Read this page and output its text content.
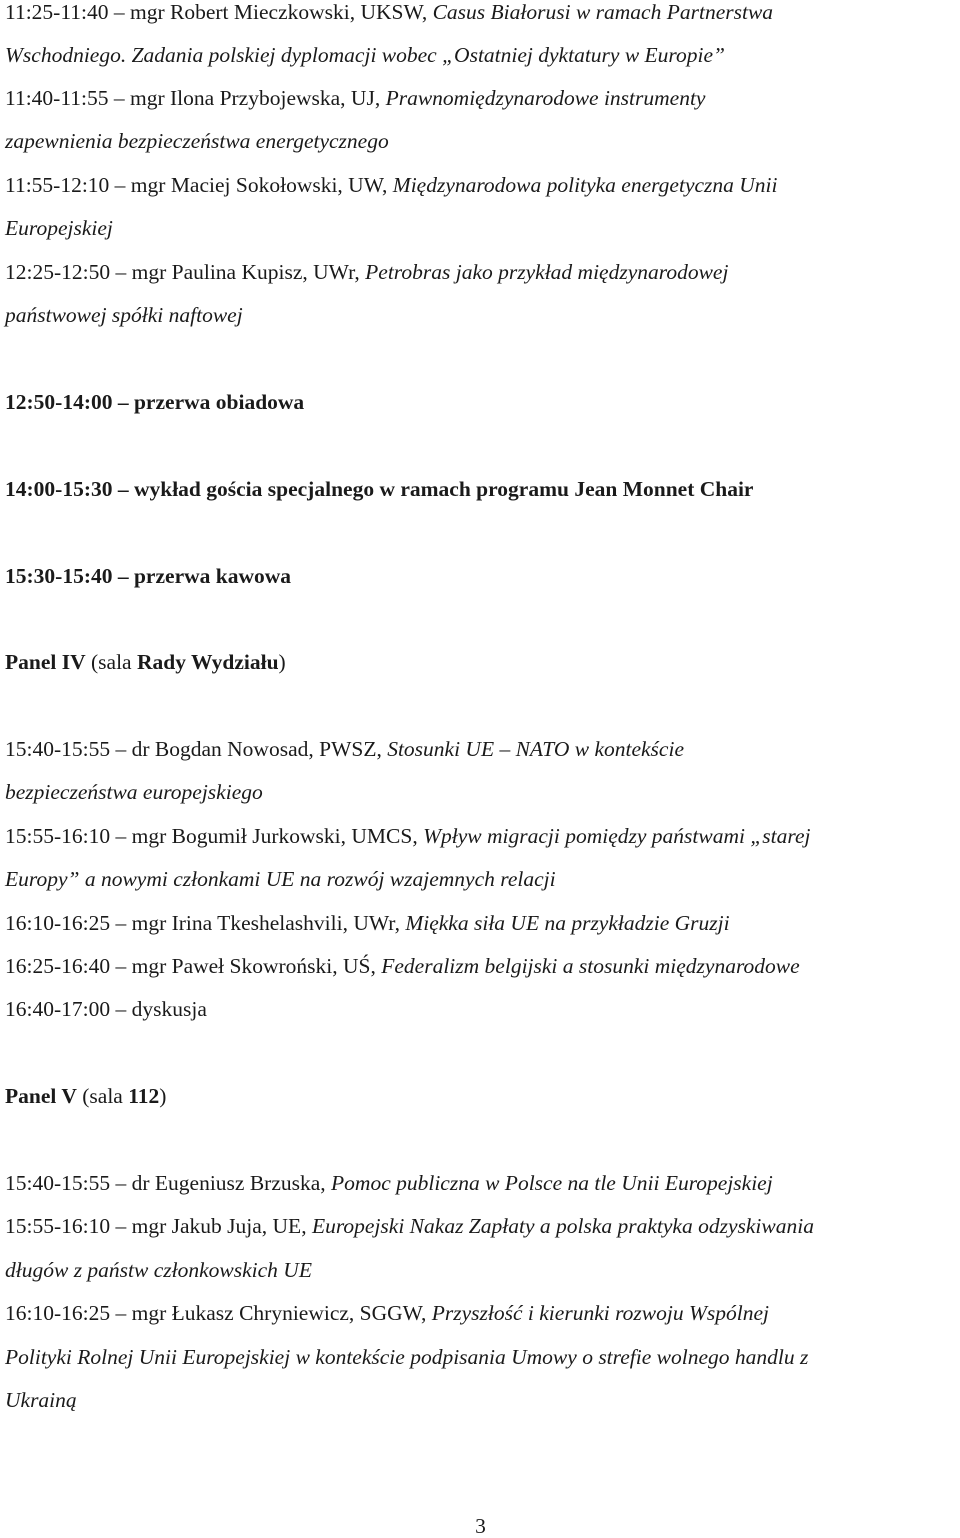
11:25-11:40 – mgr Robert Mieczkowski, UKSW, Casus Białorusi w ramach Partnerstwa
Wschodniego. Zadania polskiej dyplomacji wobec „Ostatniej dyktatury w Europie”
11:40-11:55 – mgr Ilona Przybojewska, UJ, Prawnomiędzynarodowe instrumenty
zapewnienia bezpieczeństwa energetycznego
11:55-12:10 – mgr Maciej Sokołowski, UW, Międzynarodowa polityka energetyczna Unii
Europejskiej
12:25-12:50 – mgr Paulina Kupisz, UWr, Petrobras jako przykład międzynarodowej
państwowej spółki naftowej
12:50-14:00 – przerwa obiadowa
14:00-15:30 – wykład gościa specjalnego w ramach programu Jean Monnet Chair
15:30-15:40 – przerwa kawowa
Panel IV (sala Rady Wydziału)
15:40-15:55 – dr Bogdan Nowosad, PWSZ, Stosunki UE – NATO w kontekście
bezpieczeństwa europejskiego
15:55-16:10 – mgr Bogumił Jurkowski, UMCS, Wpływ migracji pomiędzy państwami „starej
Europy” a nowymi członkami UE na rozwój wzajemnych relacji
16:10-16:25 – mgr Irina Tkeshelashvili, UWr, Miękka siła UE na przykładzie Gruzji
16:25-16:40 – mgr Paweł Skowroński, UŚ, Federalizm belgijski a stosunki międzynarodowe
16:40-17:00 – dyskusja
Panel V (sala 112)
15:40-15:55 – dr Eugeniusz Brzuska, Pomoc publiczna w Polsce na tle Unii Europejskiej
15:55-16:10 – mgr Jakub Juja, UE, Europejski Nakaz Zapłaty a polska praktyka odzyskiwania
długów z państw członkowskich UE
16:10-16:25 – mgr Łukasz Chryniewicz, SGGW, Przyszłość i kierunki rozwoju Wspólnej
Polityki Rolnej Unii Europejskiej w kontekście podpisania Umowy o strefie wolnego handlu z
Ukrainą
3
